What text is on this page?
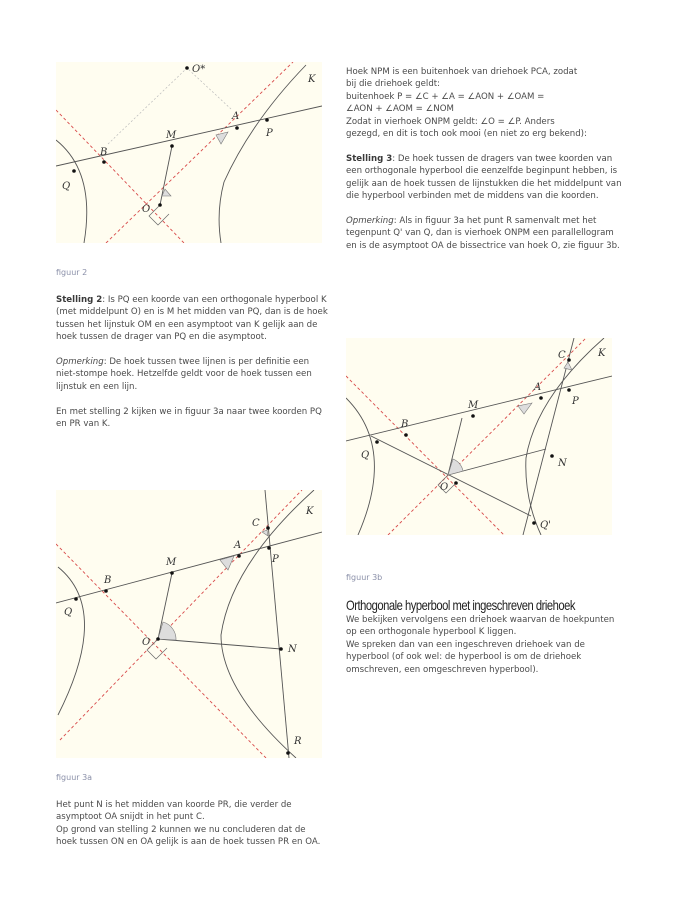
O*
K
A
P
M
B
Q
O
figuur 2

Stelling 2: Is PQ een koorde van een orthogonale hyperbool K (met middelpunt O) en is M het midden van PQ, dan is de hoek tussen het lijnstuk OM en een asymptoot van K gelijk aan de hoek tussen de drager van PQ en die asymptoot.

Opmerking: De hoek tussen twee lijnen is per definitie een niet-stompe hoek. Hetzelfde geldt voor de hoek tussen een lijnstuk en een lijn.

En met stelling 2 kijken we in figuur 3a naar twee koorden PQ en PR van K.

C
K
A
P
M
B
Q
O
N
R
figuur 3a
Het punt N is het midden van koorde PR, die verder de asymptoot OA snijdt in het punt C.
Op grond van stelling 2 kunnen we nu concluderen dat de hoek tussen ON en OA gelijk is aan de hoek tussen PR en OA.

Hoek NPM is een buitenhoek van driehoek PCA, zodat
bij die driehoek geldt:
buitenhoek P = ∠C + ∠A = ∠AON + ∠OAM =
∠AON + ∠AOM = ∠NOM
Zodat in vierhoek ONPM geldt: ∠O = ∠P. Anders
gezegd, en dit is toch ook mooi (en niet zo erg bekend):

Stelling 3: De hoek tussen de dragers van twee koorden van een orthogonale hyperbool die eenzelfde beginpunt hebben, is gelijk aan de hoek tussen de lijnstukken die het middelpunt van die hyperbool verbinden met de middens van die koorden.

Opmerking: Als in figuur 3a het punt R samenvalt met het tegenpunt Q' van Q, dan is vierhoek ONPM een parallellogram en is de asymptoot OA de bissectrice van hoek O, zie figuur 3b.

C	K
A
P
M
B
Q
O
N
Q'
figuur 3b
Orthogonale hyperbool met ingeschreven driehoek
We bekijken vervolgens een driehoek waarvan de hoekpunten op een orthogonale hyperbool K liggen.
We spreken dan van een ingeschreven driehoek van de hyperbool (of ook wel: de hyperbool is om de driehoek omschreven, een omgeschreven hyperbool).
